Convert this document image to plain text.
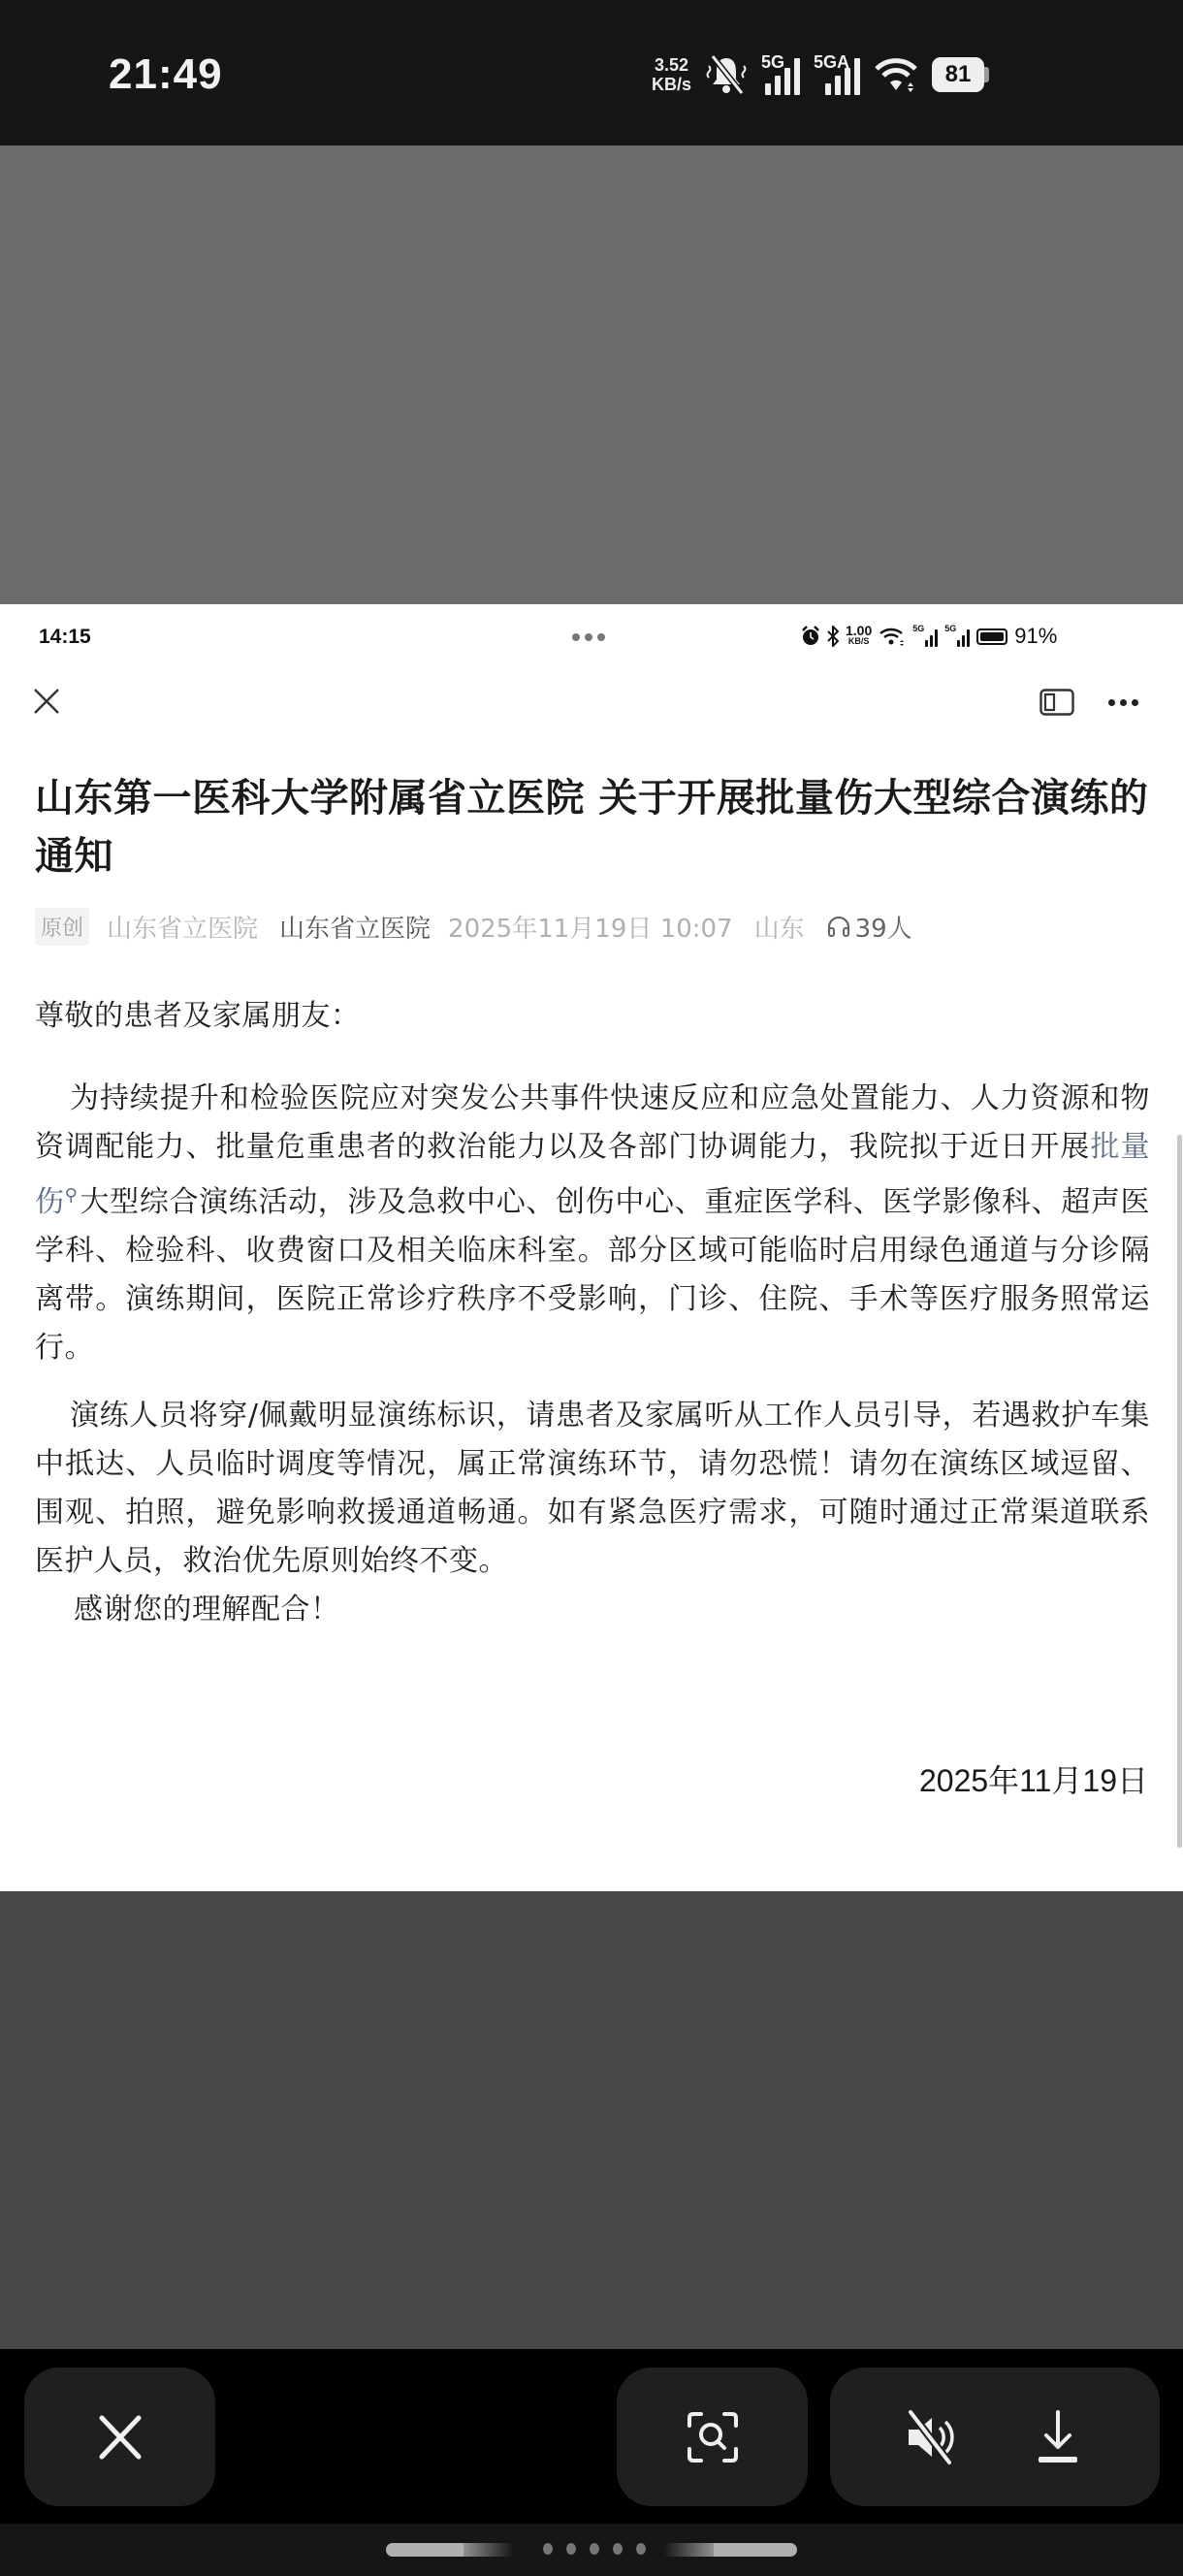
21:49	3.52
KB/s
5G 5GA	81
14:15	1.00
KB/S
5G 5G	91%
山东第一医科大学附属省立医院 关于开展批量伤大型综合演练的通知
原创 山东省立医院 山东省立医院 2025年11月19日 10:07 山东 39人

尊敬的患者及家属朋友：

为持续提升和检验医院应对突发公共事件快速反应和应急处置能力、人力资源和物资调配能力、批量危重患者的救治能力以及各部门协调能力，我院拟于近日开展批量伤⚲大型综合演练活动，涉及急救中心、创伤中心、重症医学科、医学影像科、超声医学科、检验科、收费窗口及相关临床科室。部分区域可能临时启用绿色通道与分诊隔离带。演练期间，医院正常诊疗秩序不受影响，门诊、住院、手术等医疗服务照常运行。

演练人员将穿/佩戴明显演练标识，请患者及家属听从工作人员引导，若遇救护车集中抵达、人员临时调度等情况，属正常演练环节，请勿恐慌！请勿在演练区域逗留、围观、拍照，避免影响救援通道畅通。如有紧急医疗需求，可随时通过正常渠道联系医护人员，救治优先原则始终不变。

感谢您的理解配合！

2025年11月19日
